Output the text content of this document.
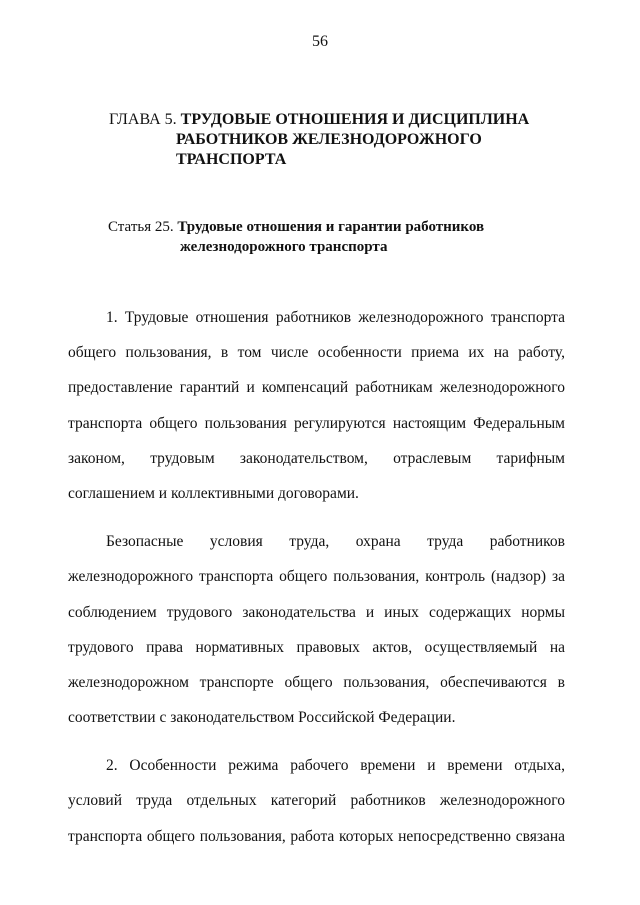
56
ГЛАВА 5. ТРУДОВЫЕ ОТНОШЕНИЯ И ДИСЦИПЛИНА
РАБОТНИКОВ ЖЕЛЕЗНОДОРОЖНОГО
ТРАНСПОРТА
Статья 25. Трудовые отношения и гарантии работников
железнодорожного транспорта
1. Трудовые отношения работников железнодорожного транспорта
общего пользования, в том числе особенности приема их на работу,
предоставление гарантий и компенсаций работникам железнодорожного
транспорта общего пользования регулируются настоящим Федеральным
законом, трудовым законодательством, отраслевым тарифным
соглашением и коллективными договорами.
Безопасные условия труда, охрана труда работников
железнодорожного транспорта общего пользования, контроль (надзор) за
соблюдением трудового законодательства и иных содержащих нормы
трудового права нормативных правовых актов, осуществляемый на
железнодорожном транспорте общего пользования, обеспечиваются в
соответствии с законодательством Российской Федерации.
2. Особенности режима рабочего времени и времени отдыха,
условий труда отдельных категорий работников железнодорожного
транспорта общего пользования, работа которых непосредственно связана
